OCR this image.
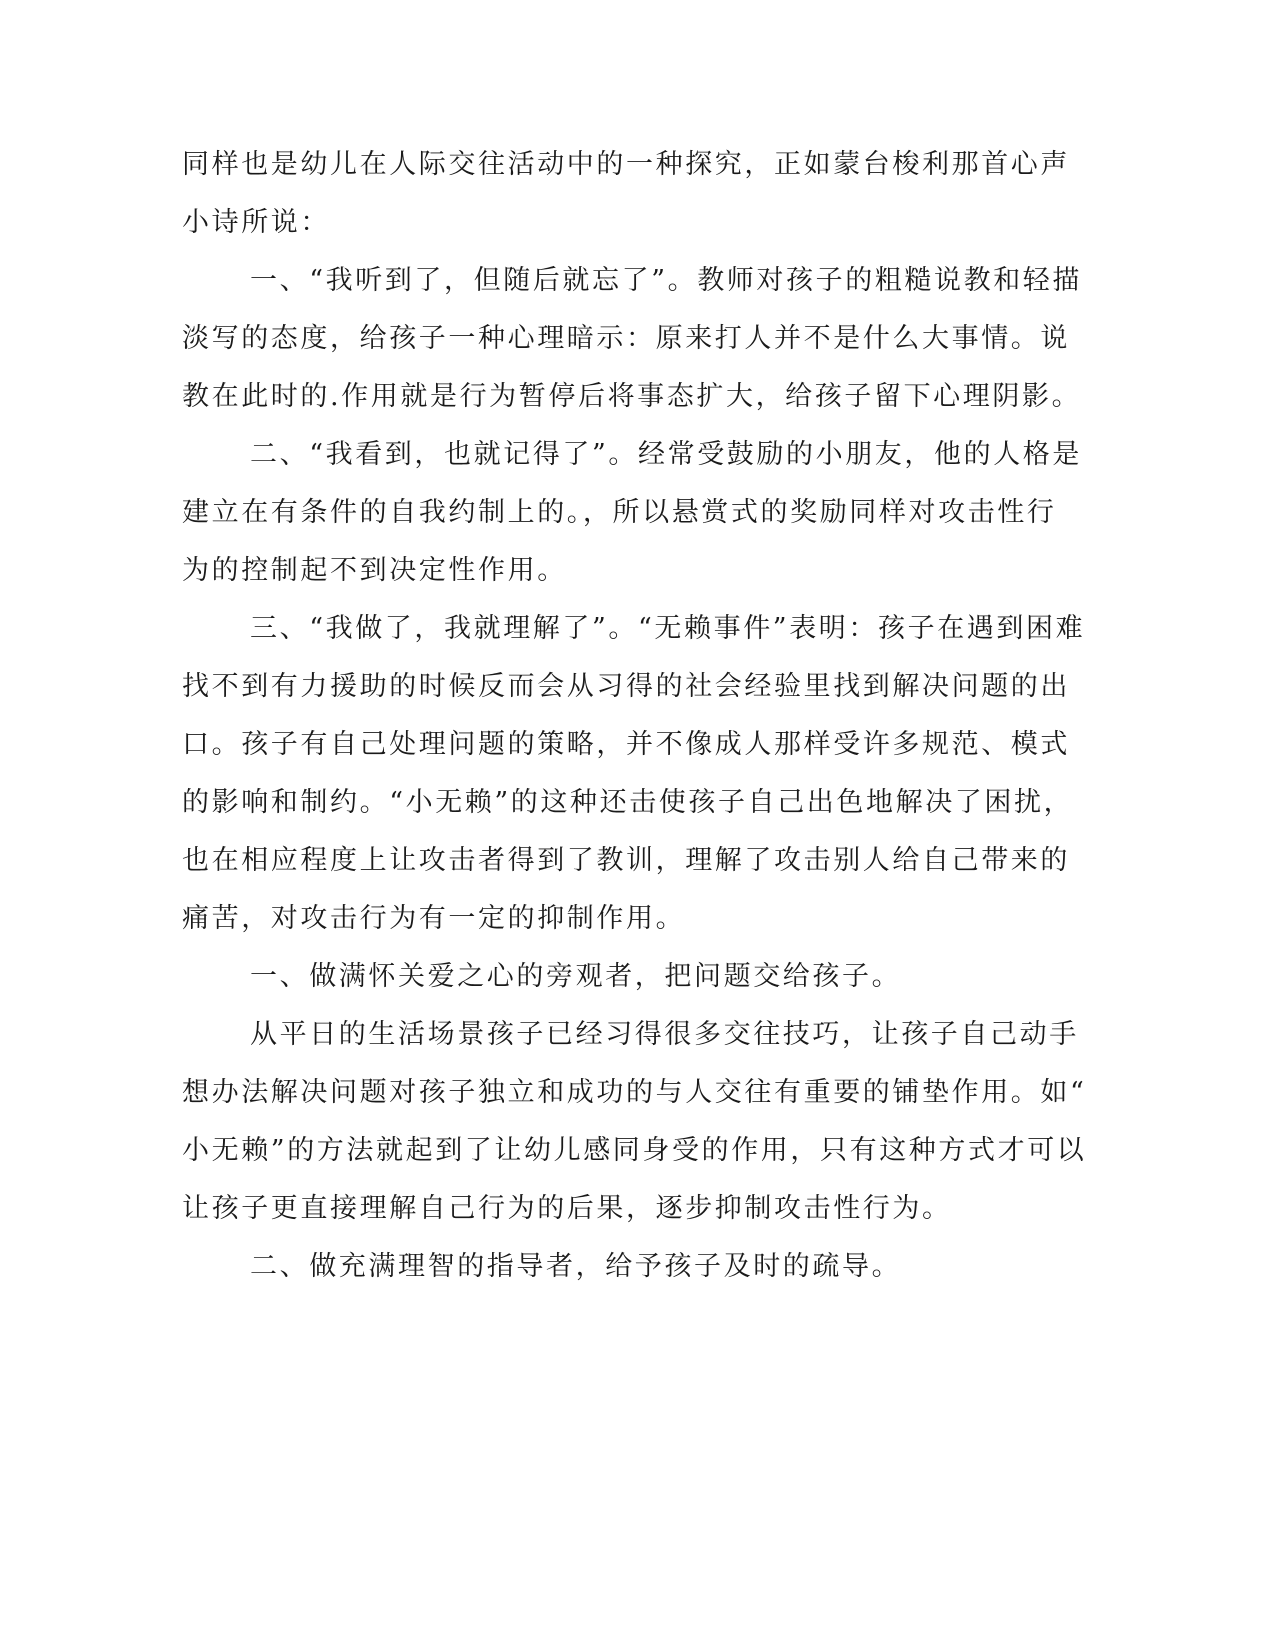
同样也是幼儿在人际交往活动中的一种探究，正如蒙台梭利那首心声
小诗所说：
一、“我听到了，但随后就忘了”。教师对孩子的粗糙说教和轻描
淡写的态度，给孩子一种心理暗示：原来打人并不是什么大事情。说
教在此时的.作用就是行为暂停后将事态扩大，给孩子留下心理阴影。
二、“我看到，也就记得了”。经常受鼓励的小朋友，他的人格是
建立在有条件的自我约制上的。，所以悬赏式的奖励同样对攻击性行
为的控制起不到决定性作用。
三、“我做了，我就理解了”。“无赖事件”表明：孩子在遇到困难
找不到有力援助的时候反而会从习得的社会经验里找到解决问题的出
口。孩子有自己处理问题的策略，并不像成人那样受许多规范、模式
的影响和制约。“小无赖”的这种还击使孩子自己出色地解决了困扰，
也在相应程度上让攻击者得到了教训，理解了攻击别人给自己带来的
痛苦，对攻击行为有一定的抑制作用。
一、做满怀关爱之心的旁观者，把问题交给孩子。
从平日的生活场景孩子已经习得很多交往技巧，让孩子自己动手
想办法解决问题对孩子独立和成功的与人交往有重要的铺垫作用。如“
小无赖”的方法就起到了让幼儿感同身受的作用，只有这种方式才可以
让孩子更直接理解自己行为的后果，逐步抑制攻击性行为。
二、做充满理智的指导者，给予孩子及时的疏导。
